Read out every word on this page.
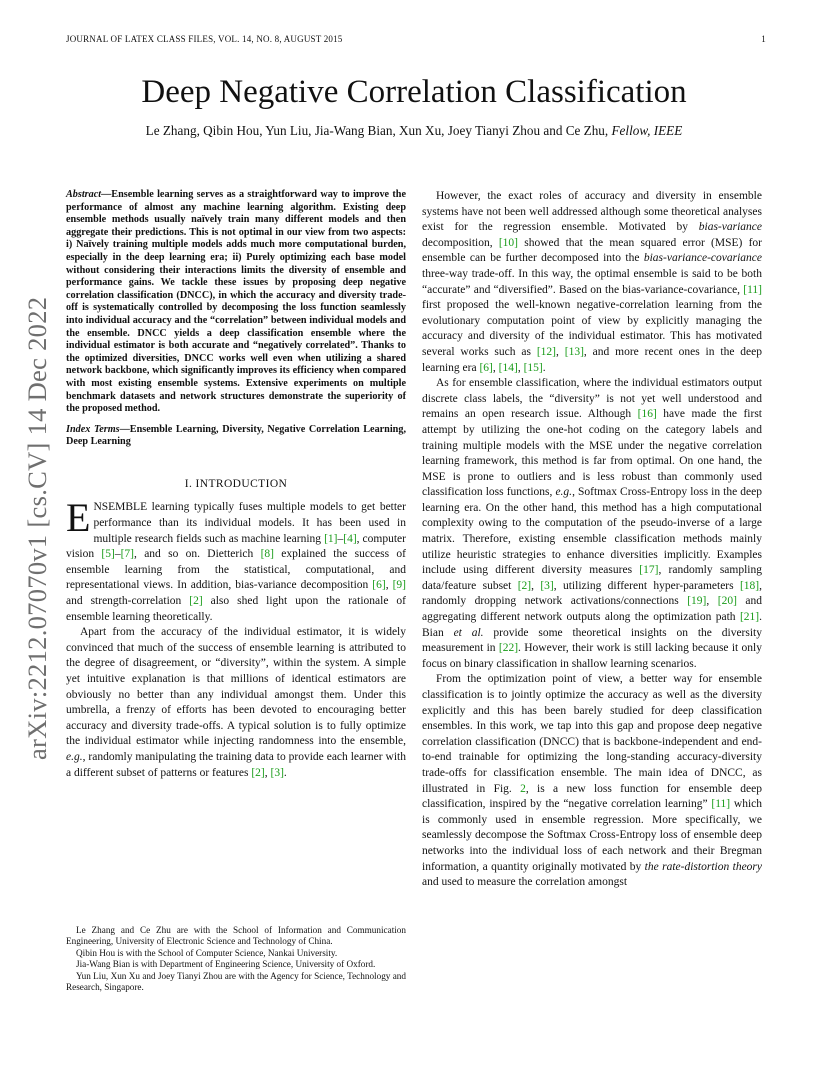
JOURNAL OF LATEX CLASS FILES, VOL. 14, NO. 8, AUGUST 2015	1
Deep Negative Correlation Classification
Le Zhang, Qibin Hou, Yun Liu, Jia-Wang Bian, Xun Xu, Joey Tianyi Zhou and Ce Zhu, Fellow, IEEE
arXiv:2212.07070v1 [cs.CV] 14 Dec 2022
Abstract—Ensemble learning serves as a straightforward way to improve the performance of almost any machine learning algorithm. Existing deep ensemble methods usually naïvely train many different models and then aggregate their predictions. This is not optimal in our view from two aspects: i) Naïvely training multiple models adds much more computational burden, especially in the deep learning era; ii) Purely optimizing each base model without considering their interactions limits the diversity of ensemble and performance gains. We tackle these issues by proposing deep negative correlation classification (DNCC), in which the accuracy and diversity trade-off is systematically controlled by decomposing the loss function seamlessly into individual accuracy and the “correlation” between individual models and the ensemble. DNCC yields a deep classification ensemble where the individual estimator is both accurate and “negatively correlated”. Thanks to the optimized diversities, DNCC works well even when utilizing a shared network backbone, which significantly improves its efficiency when compared with most existing ensemble systems. Extensive experiments on multiple benchmark datasets and network structures demonstrate the superiority of the proposed method.
Index Terms—Ensemble Learning, Diversity, Negative Correlation Learning, Deep Learning
I. INTRODUCTION

ENSEMBLE learning typically fuses multiple models to get better performance than its individual models. It has been used in multiple research fields such as machine learning [1]–[4], computer vision [5]–[7], and so on. Dietterich [8] explained the success of ensemble learning from the statistical, computational, and representational views. In addition, bias-variance decomposition [6], [9] and strength-correlation [2] also shed light upon the rationale of ensemble learning theoretically.

Apart from the accuracy of the individual estimator, it is widely convinced that much of the success of ensemble learning is attributed to the degree of disagreement, or “diversity”, within the system. A simple yet intuitive explanation is that millions of identical estimators are obviously no better than any individual amongst them. Under this umbrella, a frenzy of efforts has been devoted to encouraging better accuracy and diversity trade-offs. A typical solution is to fully optimize the individual estimator while injecting randomness into the ensemble, e.g., randomly manipulating the training data to provide each learner with a different subset of patterns or features [2], [3].

Le Zhang and Ce Zhu are with the School of Information and Communication Engineering, University of Electronic Science and Technology of China.

Qibin Hou is with the School of Computer Science, Nankai University.

Jia-Wang Bian is with Department of Engineering Science, University of Oxford.

Yun Liu, Xun Xu and Joey Tianyi Zhou are with the Agency for Science, Technology and Research, Singapore.

However, the exact roles of accuracy and diversity in ensemble systems have not been well addressed although some theoretical analyses exist for the regression ensemble. Motivated by bias-variance decomposition, [10] showed that the mean squared error (MSE) for ensemble can be further decomposed into the bias-variance-covariance three-way trade-off. In this way, the optimal ensemble is said to be both “accurate” and “diversified”. Based on the bias-variance-covariance, [11] first proposed the well-known negative-correlation learning from the evolutionary computation point of view by explicitly managing the accuracy and diversity of the individual estimator. This has motivated several works such as [12], [13], and more recent ones in the deep learning era [6], [14], [15].

As for ensemble classification, where the individual estimators output discrete class labels, the “diversity” is not yet well understood and remains an open research issue. Although [16] have made the first attempt by utilizing the one-hot coding on the category labels and training multiple models with the MSE under the negative correlation learning framework, this method is far from optimal. On one hand, the MSE is prone to outliers and is less robust than commonly used classification loss functions, e.g., Softmax Cross-Entropy loss in the deep learning era. On the other hand, this method has a high computational complexity owing to the computation of the pseudo-inverse of a large matrix. Therefore, existing ensemble classification methods mainly utilize heuristic strategies to enhance diversities implicitly. Examples include using different diversity measures [17], randomly sampling data/feature subset [2], [3], utilizing different hyper-parameters [18], randomly dropping network activations/connections [19], [20] and aggregating different network outputs along the optimization path [21]. Bian et al. provide some theoretical insights on the diversity measurement in [22]. However, their work is still lacking because it only focus on binary classification in shallow learning scenarios.

From the optimization point of view, a better way for ensemble classification is to jointly optimize the accuracy as well as the diversity explicitly and this has been barely studied for deep classification ensembles. In this work, we tap into this gap and propose deep negative correlation classification (DNCC) that is backbone-independent and end-to-end trainable for optimizing the long-standing accuracy-diversity trade-offs for classification ensemble. The main idea of DNCC, as illustrated in Fig. 2, is a new loss function for ensemble deep classification, inspired by the “negative correlation learning” [11] which is commonly used in ensemble regression. More specifically, we seamlessly decompose the Softmax Cross-Entropy loss of ensemble deep networks into the individual loss of each network and their Bregman information, a quantity originally motivated by the rate-distortion theory and used to measure the correlation amongst
